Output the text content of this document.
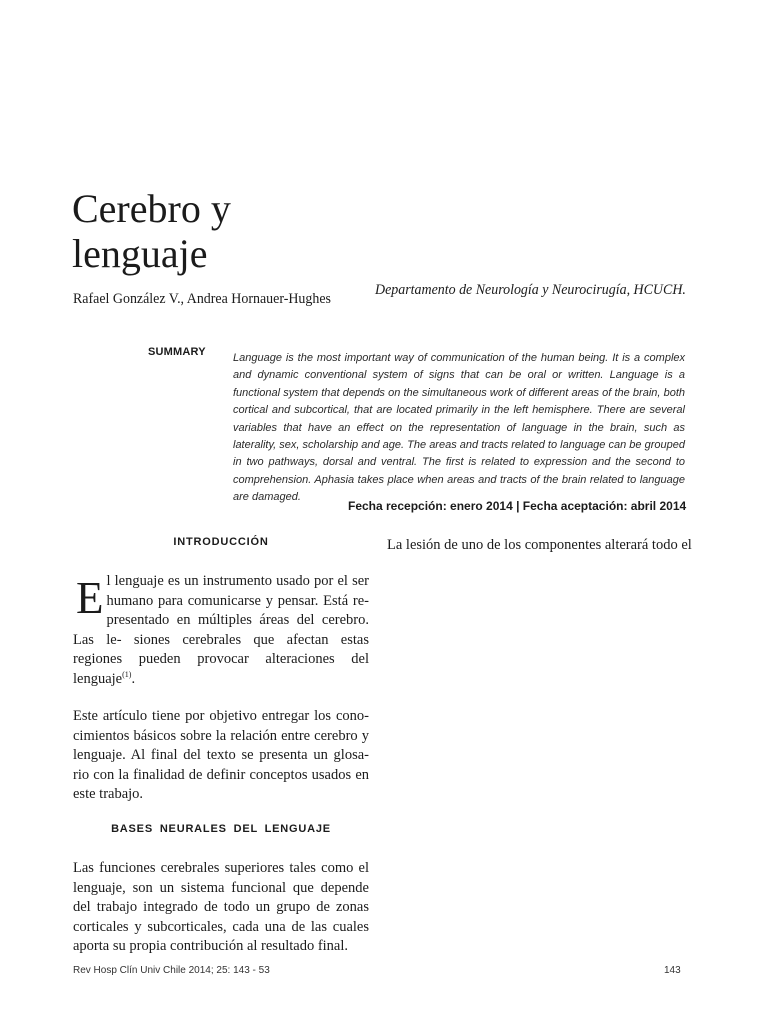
Cerebro y lenguaje
Rafael González V., Andrea Hornauer-Hughes
Departamento de Neurología y Neurocirugía, HCUCH.
SUMMARY Language is the most important way of communication of the human being. It is a complex and dynamic conventional system of signs that can be oral or written. Language is a functional system that depends on the simultaneous work of different areas of the brain, both cortical and subcortical, that are located primarily in the left hemisphere. There are several variables that have an effect on the representation of language in the brain, such as laterality, sex, scholarship and age. The areas and tracts related to language can be grouped in two pathways, dorsal and ventral. The first is related to expression and the second to comprehension. Aphasia takes place when areas and tracts of the brain related to language are damaged.
Fecha recepción: enero 2014 | Fecha aceptación: abril 2014
INTRODUCCIÓN
El lenguaje es un instrumento usado por el ser humano para comunicarse y pensar. Está re- presentado en múltiples áreas del cerebro. Las le- siones cerebrales que afectan estas regiones pueden provocar alteraciones del lenguaje$^{(1)}$.
Este artículo tiene por objetivo entregar los cono- cimientos básicos sobre la relación entre cerebro y lenguaje. Al final del texto se presenta un glosa- rio con la finalidad de definir conceptos usados en este trabajo.
BASES NEURALES DEL LENGUAJE
Las funciones cerebrales superiores tales como el lenguaje, son un sistema funcional que depende del trabajo integrado de todo un grupo de zonas corticales y subcorticales, cada una de las cuales aporta su propia contribución al resultado final.
La lesión de uno de los componentes alterará todo el
Rev Hosp Clín Univ Chile 2014; 25: 143 - 53	143
